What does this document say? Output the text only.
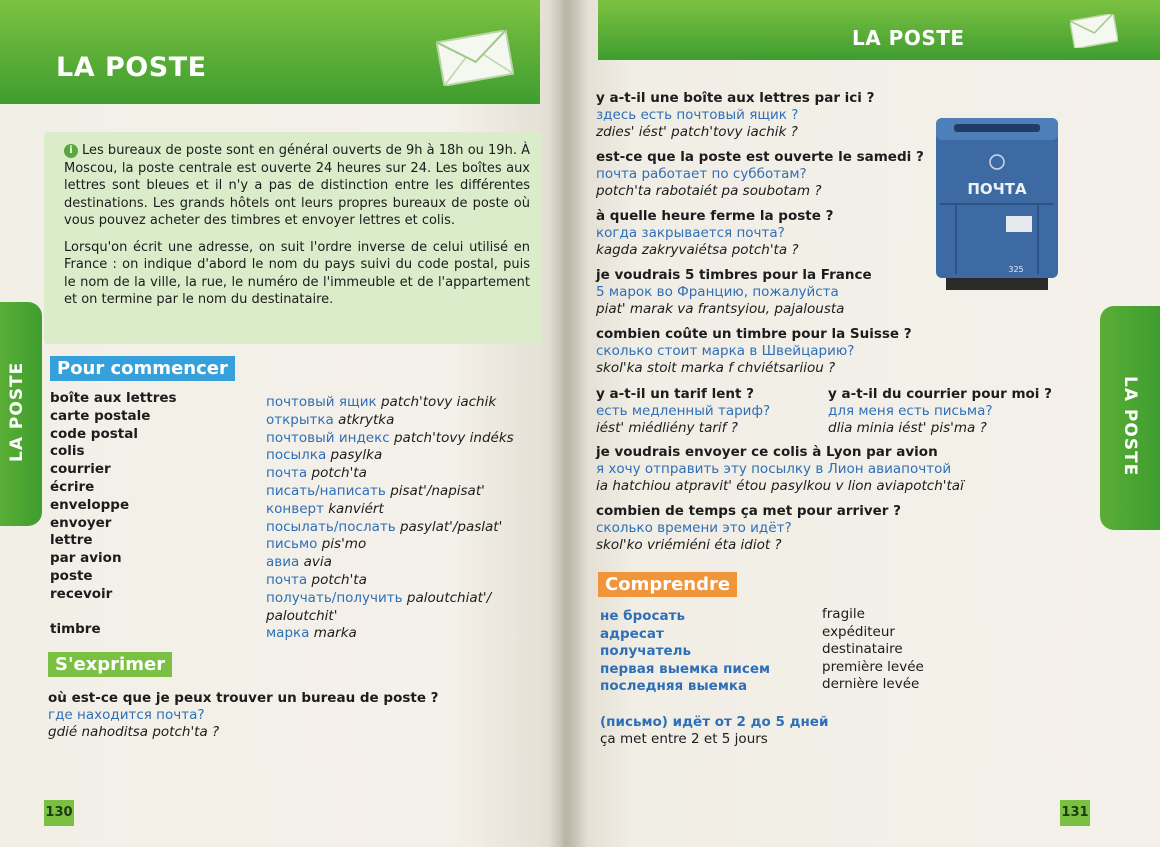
LA POSTE

i Les bureaux de poste sont en général ouverts de 9h à 18h ou 19h. À Moscou, la poste centrale est ouverte 24 heures sur 24. Les boîtes aux lettres sont bleues et il n'y a pas de distinction entre les différentes destinations. Les grands hôtels ont leurs propres bureaux de poste où vous pouvez acheter des timbres et envoyer lettres et colis.

Lorsqu'on écrit une adresse, on suit l'ordre inverse de celui utilisé en France : on indique d'abord le nom du pays suivi du code postal, puis le nom de la ville, la rue, le numéro de l'immeuble et de l'appartement et on termine par le nom du destinataire.

LA POSTE	Pour commencer
boîte aux lettres
carte postale
code postal
colis
courrier
écrire
enveloppe
envoyer
lettre
par avion
poste
recevoir
timbre
почтовый ящик patch'tovy iachik
открытка atkrytka
почтовый индекс patch'tovy indéks
посылка pasylka
почта potch'ta
писать/написать pisat'/napisat'
конверт kanviért
посылать/послать pasylat'/paslat'
письмо pis'mo
авиа avia
почта potch'ta
получать/получить paloutchiat'/
paloutchit'
марка marka
S'exprimer
où est-ce que je peux trouver un bureau de poste ?
где находится почта?
gdié nahoditsa potch'ta ?
130
LA POSTE
y a-t-il une boîte aux lettres par ici ?
здесь есть почтовый ящик ?
zdies' iést' patch'tovy iachik ?
est-ce que la poste est ouverte le samedi ?
почта работает по субботам?
potch'ta rabotaiét pa soubotam ?
à quelle heure ferme la poste ?
когда закрывается почта?
kagda zakryvaiétsa potch'ta ?
je voudrais 5 timbres pour la France
5 марок во Францию, пожалуйста
piat' marak va frantsyiou, pajalousta
combien coûte un timbre pour la Suisse ?
сколько стоит марка в Швейцарию?
skol'ka stoit marka f chviétsariiou ?
y a-t-il un tarif lent ?
есть медленный тариф?
iést' miédliény tarif ?
y a-t-il du courrier pour moi ?
для меня есть письма?
dlia minia iést' pis'ma ?
je voudrais envoyer ce colis à Lyon par avion
я хочу отправить эту посылку в Лион авиапочтой
ia hatchiou atpravit' étou pasylkou v lion aviapotch'taï
combien de temps ça met pour arriver ?
сколько времени это идёт?
skol'ko vriémiéni éta idiot ?
ПОЧТА
325
LA POSTE
Comprendre
не бросать
адресат
получатель
первая выемка писем
последняя выемка
fragile
expéditeur
destinataire
première levée
dernière levée
(письмо) идёт от 2 до 5 дней
ça met entre 2 et 5 jours
131
